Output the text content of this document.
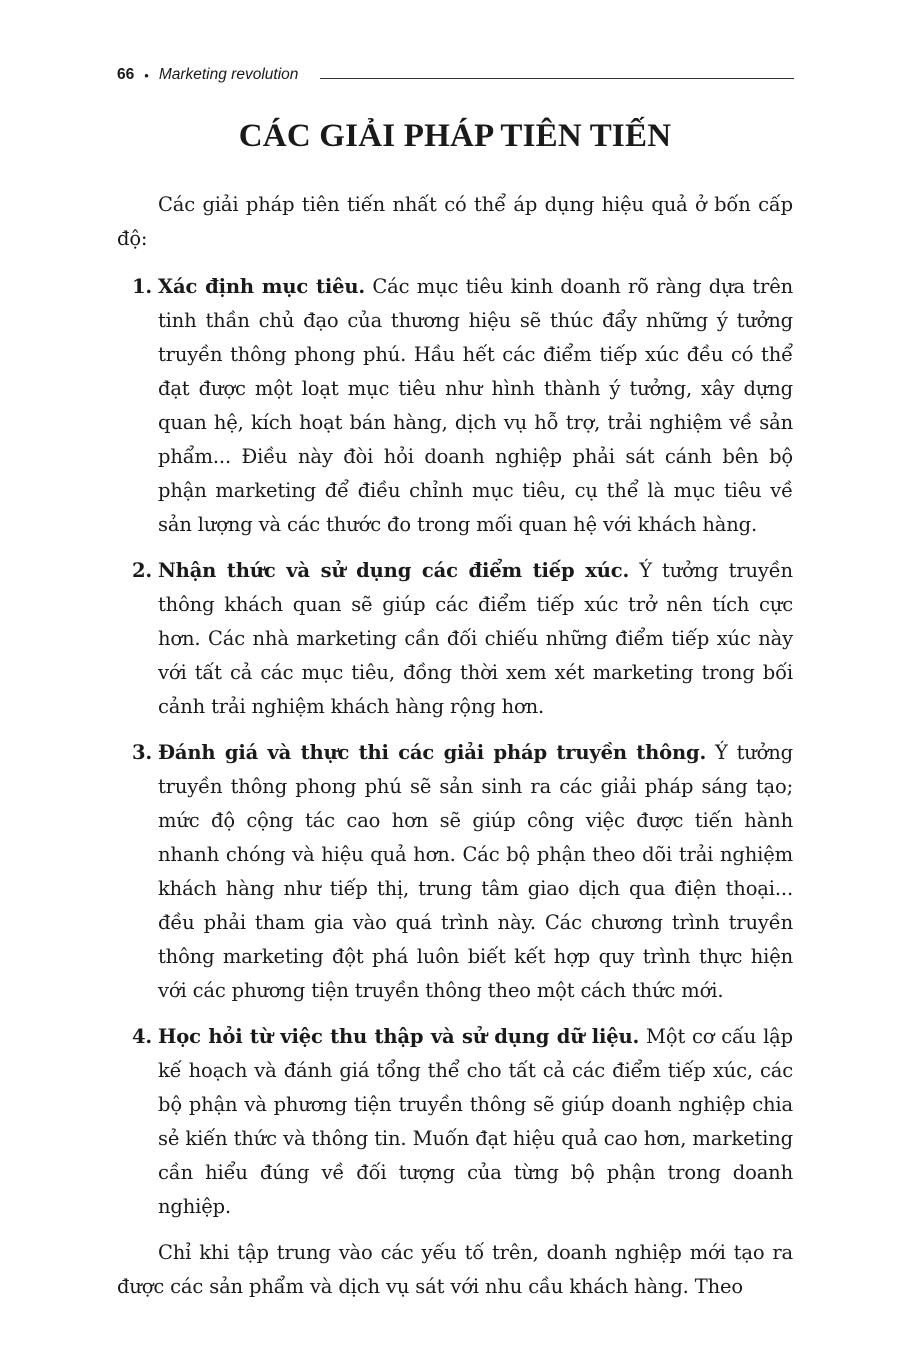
66 • Marketing revolution
CÁC GIẢI PHÁP TIÊN TIẾN

Các giải pháp tiên tiến nhất có thể áp dụng hiệu quả ở bốn cấp độ:

1. Xác định mục tiêu. Các mục tiêu kinh doanh rõ ràng dựa trên tinh thần chủ đạo của thương hiệu sẽ thúc đẩy những ý tưởng truyền thông phong phú. Hầu hết các điểm tiếp xúc đều có thể đạt được một loạt mục tiêu như hình thành ý tưởng, xây dựng quan hệ, kích hoạt bán hàng, dịch vụ hỗ trợ, trải nghiệm về sản phẩm... Điều này đòi hỏi doanh nghiệp phải sát cánh bên bộ phận marketing để điều chỉnh mục tiêu, cụ thể là mục tiêu về sản lượng và các thước đo trong mối quan hệ với khách hàng.
2. Nhận thức và sử dụng các điểm tiếp xúc. Ý tưởng truyền thông khách quan sẽ giúp các điểm tiếp xúc trở nên tích cực hơn. Các nhà marketing cần đối chiếu những điểm tiếp xúc này với tất cả các mục tiêu, đồng thời xem xét marketing trong bối cảnh trải nghiệm khách hàng rộng hơn.
3. Đánh giá và thực thi các giải pháp truyền thông. Ý tưởng truyền thông phong phú sẽ sản sinh ra các giải pháp sáng tạo; mức độ cộng tác cao hơn sẽ giúp công việc được tiến hành nhanh chóng và hiệu quả hơn. Các bộ phận theo dõi trải nghiệm khách hàng như tiếp thị, trung tâm giao dịch qua điện thoại... đều phải tham gia vào quá trình này. Các chương trình truyền thông marketing đột phá luôn biết kết hợp quy trình thực hiện với các phương tiện truyền thông theo một cách thức mới.
4. Học hỏi từ việc thu thập và sử dụng dữ liệu. Một cơ cấu lập kế hoạch và đánh giá tổng thể cho tất cả các điểm tiếp xúc, các bộ phận và phương tiện truyền thông sẽ giúp doanh nghiệp chia sẻ kiến thức và thông tin. Muốn đạt hiệu quả cao hơn, marketing cần hiểu đúng về đối tượng của từng bộ phận trong doanh nghiệp.

Chỉ khi tập trung vào các yếu tố trên, doanh nghiệp mới tạo ra được các sản phẩm và dịch vụ sát với nhu cầu khách hàng. Theo
